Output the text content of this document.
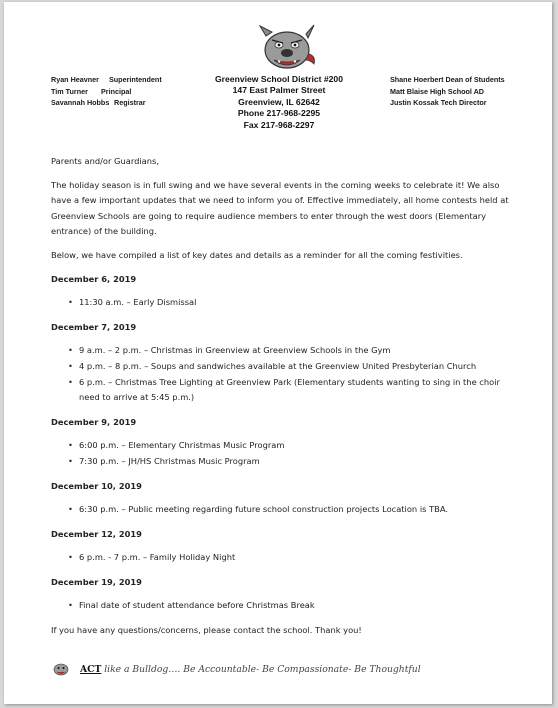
Ryan Heavner Superintendent
Tim Turner Principal
Savannah Hobbs Registrar
Greenview School District #200
147 East Palmer Street
Greenview, IL 62642
Phone 217-968-2295
Fax 217-968-2297
Shane Hoerbert Dean of Students
Matt Blaise High School AD
Justin Kossak Tech Director

Parents and/or Guardians,

The holiday season is in full swing and we have several events in the coming weeks to celebrate it! We also have a few important updates that we need to inform you of. Effective immediately, all home contests held at Greenview Schools are going to require audience members to enter through the west doors (Elementary entrance) of the building.

Below, we have compiled a list of key dates and details as a reminder for all the coming festivities.

December 6, 2019
• 11:30 a.m. – Early Dismissal
December 7, 2019
• 9 a.m. – 2 p.m. – Christmas in Greenview at Greenview Schools in the Gym
• 4 p.m. – 8 p.m. – Soups and sandwiches available at the Greenview United Presbyterian Church
• 6 p.m. – Christmas Tree Lighting at Greenview Park (Elementary students wanting to sing in the choir need to arrive at 5:45 p.m.)
December 9, 2019
• 6:00 p.m. – Elementary Christmas Music Program
• 7:30 p.m. – JH/HS Christmas Music Program
December 10, 2019
• 6:30 p.m. – Public meeting regarding future school construction projects Location is TBA.
December 12, 2019
• 6 p.m. - 7 p.m. – Family Holiday Night
December 19, 2019
• Final date of student attendance before Christmas Break

If you have any questions/concerns, please contact the school. Thank you!

ACT like a Bulldog…. Be Accountable- Be Compassionate- Be Thoughtful
